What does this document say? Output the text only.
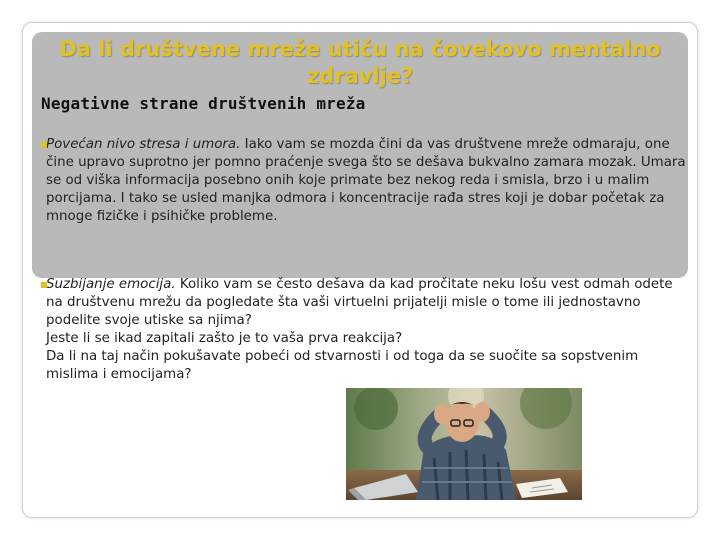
Da li društvene mreže utiču na čovekovo mentalno zdravlje?
Negativne strane društvenih mreža

■
Povećan nivo stresa i umora. Iako vam se mozda čini da vas društvene mreže odmaraju, one čine upravo suprotno jer pomno praćenje svega što se dešava bukvalno zamara mozak. Umara se od viška informacija posebno onih koje primate bez nekog reda i smisla, brzo i u malim porcijama. I tako se usled manjka odmora i koncentracije rađa stres koji je dobar početak za mnoge fizičke i psihičke probleme.

■
Suzbijanje emocija. Koliko vam se često dešava da kad pročitate neku lošu vest odmah odete na društvenu mrežu da pogledate šta vaši virtuelni prijatelji misle o tome ili jednostavno podelite svoje utiske sa njima?
Jeste li se ikad zapitali zašto je to vaša prva reakcija?
Da li na taj način pokušavate pobeći od stvarnosti i od toga da se suočite sa sopstvenim mislima i emocijama?
